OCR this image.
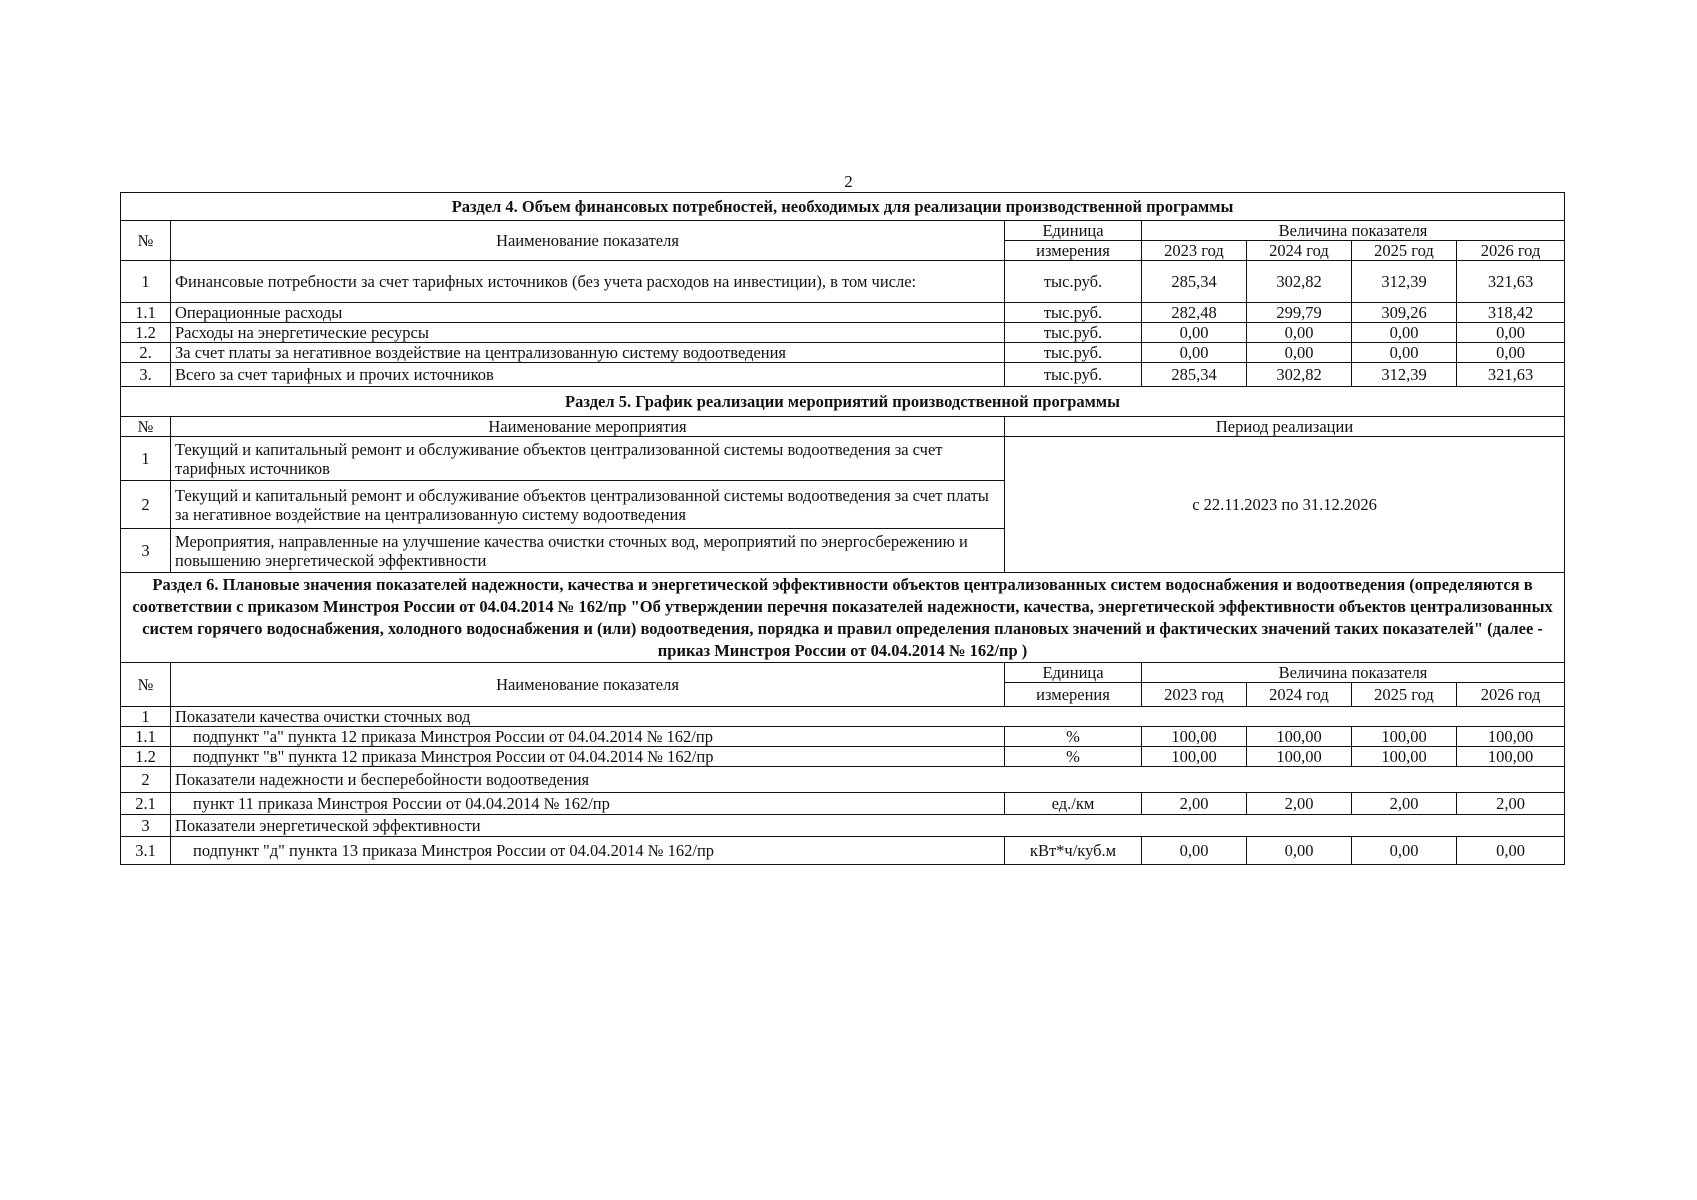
2
Раздел 4. Объем финансовых потребностей, необходимых для реализации производственной программы						
№	Наименование показателя	Единица	Величина показателя			
		измерения	2023 год	2024 год	2025 год	2026 год
1	Финансовые потребности за счет тарифных источников (без учета расходов на инвестиции), в том числе:	тыс.руб.	285,34	302,82	312,39	321,63
1.1	Операционные расходы	тыс.руб.	282,48	299,79	309,26	318,42
1.2	Расходы на энергетические ресурсы	тыс.руб.	0,00	0,00	0,00	0,00
2.	За счет платы за негативное воздействие на централизованную систему водоотведения	тыс.руб.	0,00	0,00	0,00	0,00
3.	Всего за счет тарифных и прочих источников	тыс.руб.	285,34	302,82	312,39	321,63
Раздел 5. График реализации мероприятий производственной программы						
№	Наименование мероприятия	Период реализации				
1	Текущий и капитальный ремонт и обслуживание объектов централизованной системы водоотведения за счет тарифных источников	с 22.11.2023 по 31.12.2026				
2	Текущий и капитальный ремонт и обслуживание объектов централизованной системы водоотведения за счет платы за негативное воздействие на централизованную систему водоотведения					
3	Мероприятия, направленные на улучшение качества очистки сточных вод, мероприятий по энергосбережению и повышению энергетической эффективности					
Раздел 6. Плановые значения показателей надежности, качества и энергетической эффективности объектов централизованных систем водоснабжения и водоотведения (определяются в соответствии с приказом Минстроя России от 04.04.2014 № 162/пр "Об утверждении перечня показателей надежности, качества, энергетической эффективности объектов централизованных систем горячего водоснабжения, холодного водоснабжения и (или) водоотведения, порядка и правил определения плановых значений и фактических значений таких показателей" (далее - приказ Минстроя России от 04.04.2014 № 162/пр )						
№	Наименование показателя	Единица	Величина показателя			
		измерения	2023 год	2024 год	2025 год	2026 год
1	Показатели качества очистки сточных вод					
1.1	подпункт "а" пункта 12 приказа Минстроя России от 04.04.2014 № 162/пр	%	100,00	100,00	100,00	100,00
1.2	подпункт "в" пункта 12 приказа Минстроя России от 04.04.2014 № 162/пр	%	100,00	100,00	100,00	100,00
2	Показатели надежности и бесперебойности водоотведения					
2.1	пункт 11 приказа Минстроя России от 04.04.2014 № 162/пр	ед./км	2,00	2,00	2,00	2,00
3	Показатели энергетической эффективности					
3.1	подпункт "д" пункта 13 приказа Минстроя России от 04.04.2014 № 162/пр	кВт*ч/куб.м	0,00	0,00	0,00	0,00
